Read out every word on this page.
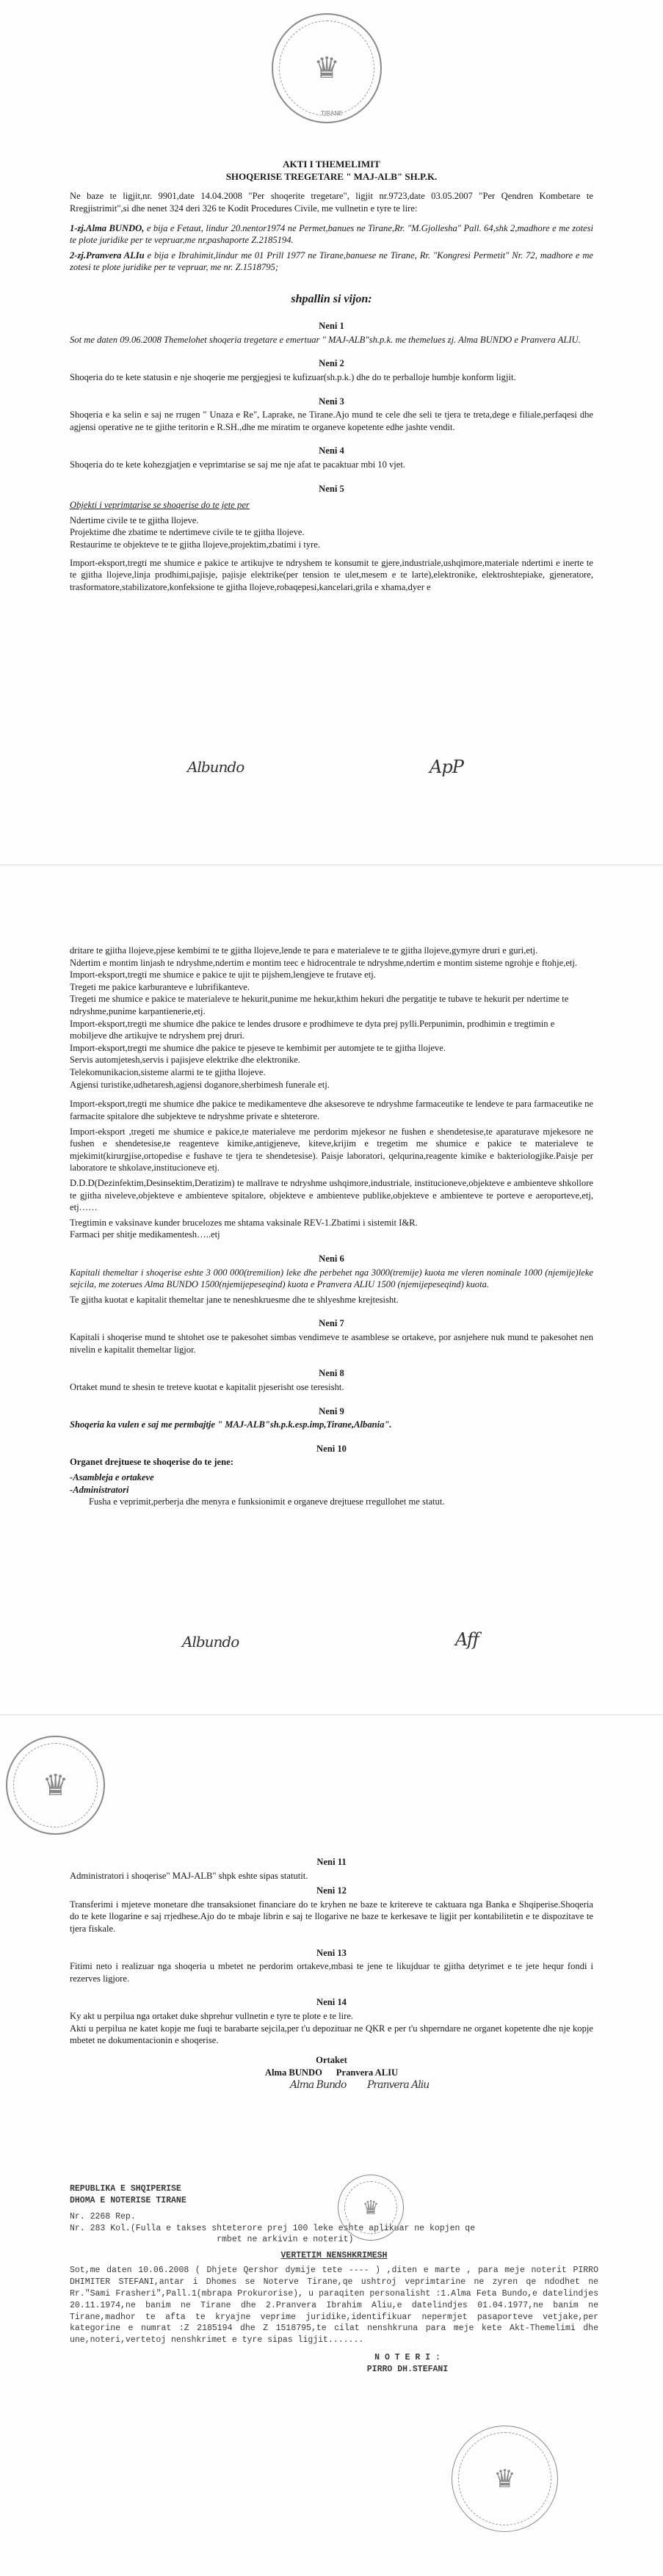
♛
TIRANE
AKTI I THEMELIMIT
SHOQERISE TREGETARE " MAJ-ALB" SH.P.K.

Ne baze te ligjit,nr. 9901,date 14.04.2008 "Per shoqerite tregetare", ligjit nr.9723,date 03.05.2007 "Per Qendren Kombetare te Rregjistrimit",si dhe nenet 324 deri 326 te Kodit Procedures Civile, me vullnetin e tyre te lire:

1-zj.Alma BUNDO, e bija e Fetaut, lindur 20.nentor1974 ne Permet,banues ne Tirane,Rr. "M.Gjollesha" Pall. 64,shk 2,madhore e me zotesi te plote juridike per te vepruar,me nr,pashaporte Z.2185194.

2-zj.Pranvera ALIu e bija e Ibrahimit,lindur me 01 Prill 1977 ne Tirane,banuese ne Tirane, Rr. "Kongresi Permetit" Nr. 72, madhore e me zotesi te plote juridike per te vepruar, me nr. Z.1518795;

shpallin si vijon:
Neni 1

Sot me daten 09.06.2008 Themelohet shoqeria tregetare e emertuar " MAJ-ALB"sh.p.k. me themelues zj. Alma BUNDO e Pranvera ALIU.

Neni 2

Shoqeria do te kete statusin e nje shoqerie me pergjegjesi te kufizuar(sh.p.k.) dhe do te perballoje humbje konform ligjit.

Neni 3

Shoqeria e ka selin e saj ne rrugen " Unaza e Re", Laprake, ne Tirane.Ajo mund te cele dhe seli te tjera te treta,dege e filiale,perfaqesi dhe agjensi operative ne te gjithe teritorin e R.SH.,dhe me miratim te organeve kopetente edhe jashte vendit.

Neni 4

Shoqeria do te kete kohezgjatjen e veprimtarise se saj me nje afat te pacaktuar mbi 10 vjet.

Neni 5

Objekti i veprimtarise se shoqerise do te jete per

Ndertime civile te te gjitha llojeve.

Projektime dhe zbatime te ndertimeve civile te te gjitha llojeve.

Restaurime te objekteve te te gjitha llojeve,projektim,zbatimi i tyre.

Import-eksport,tregti me shumice e pakice te artikujve te ndryshem te konsumit te gjere,industriale,ushqimore,materiale ndertimi e inerte te te gjitha llojeve,linja prodhimi,pajisje, pajisje elektrike(per tension te ulet,mesem e te larte),elektronike, elektroshtepiake, gjeneratore, trasformatore,stabilizatore,konfeksione te gjitha llojeve,robaqepesi,kancelari,grila e xhama,dyer e

Albundo	ApP

dritare te gjitha llojeve,pjese kembimi te te gjitha llojeve,lende te para e materialeve te te gjitha llojeve,gymyre druri e guri,etj.

Ndertim e montim linjash te ndryshme,ndertim e montim teec e hidrocentrale te ndryshme,ndertim e montim sisteme ngrohje e ftohje,etj.

Import-eksport,tregti me shumice e pakice te ujit te pijshem,lengjeve te frutave etj.

Tregeti me pakice karburanteve e lubrifikanteve.

Tregeti me shumice e pakice te materialeve te hekurit,punime me hekur,kthim hekuri dhe pergatitje te tubave te hekurit per ndertime te ndryshme,punime karpantienerie,etj.

Import-eksport,tregti me shumice dhe pakice te lendes drusore e prodhimeve te dyta prej pylli.Perpunimin, prodhimin e tregtimin e mobiljeve dhe artikujve te ndryshem prej druri.

Import-eksport,tregti me shumice dhe pakice te pjeseve te kembimit per automjete te te gjitha llojeve.

Servis automjetesh,servis i pajisjeve elektrike dhe elektronike.

Telekomunikacion,sisteme alarmi te te gjitha llojeve.

Agjensi turistike,udhetaresh,agjensi doganore,sherbimesh funerale etj.

Import-eksport,tregti me shumice dhe pakice te medikamenteve dhe aksesoreve te ndryshme farmaceutike te lendeve te para farmaceutike ne farmacite spitalore dhe subjekteve te ndryshme private e shteterore.

Import-eksport ,tregeti me shumice e pakice,te materialeve me perdorim mjekesor ne fushen e shendetesise,te aparaturave mjekesore ne fushen e shendetesise,te reagenteve kimike,antigjeneve, kiteve,krijim e tregetim me shumice e pakice te materialeve te mjekimit(kirurgjise,ortopedise e fushave te tjera te shendetesise). Paisje laboratori, qelqurina,reagente kimike e bakteriologjike.Paisje per laboratore te shkolave,institucioneve etj.

D.D.D(Dezinfektim,Desinsektim,Deratizim) te mallrave te ndryshme ushqimore,industriale, institucioneve,objekteve e ambienteve shkollore te gjitha niveleve,objekteve e ambienteve spitalore, objekteve e ambienteve publike,objekteve e ambienteve te porteve e aeroporteve,etj, etj……

Tregtimin e vaksinave kunder brucelozes me shtama vaksinale REV-1.Zbatimi i sistemit I&R.

Farmaci per shitje medikamentesh…..etj

Neni 6

Kapitali themeltar i shoqerise eshte 3 000 000(tremilion) leke dhe perbehet nga 3000(tremije) kuota me vleren nominale 1000 (njemije)leke sejcila, me zoterues Alma BUNDO 1500(njemijepeseqind) kuota e Pranvera ALIU 1500 (njemijepeseqind) kuota.

Te gjitha kuotat e kapitalit themeltar jane te neneshkruesme dhe te shlyeshme krejtesisht.

Neni 7

Kapitali i shoqerise mund te shtohet ose te pakesohet simbas vendimeve te asamblese se ortakeve, por asnjehere nuk mund te pakesohet nen nivelin e kapitalit themeltar ligjor.

Neni 8

Ortaket mund te shesin te treteve kuotat e kapitalit pjeserisht ose teresisht.

Neni 9

Shoqeria ka vulen e saj me permbajtje " MAJ-ALB"sh.p.k.esp.imp,Tirane,Albania".

Neni 10

Organet drejtuese te shoqerise do te jene:

-Asambleja e ortakeve

-Administratori

Fusha e veprimit,perberja dhe menyra e funksionimit e organeve drejtuese rregullohet me statut.

Albundo	Aff
♛
Neni 11

Administratori i shoqerise" MAJ-ALB" shpk eshte sipas statutit.

Neni 12

Transferimi i mjeteve monetare dhe transaksionet financiare do te kryhen ne baze te kritereve te caktuara nga Banka e Shqiperise.Shoqeria do te kete llogarine e saj rrjedhese.Ajo do te mbaje librin e saj te llogarive ne baze te kerkesave te ligjit per kontabilitetin e te dispozitave te tjera fiskale.

Neni 13

Fitimi neto i realizuar nga shoqeria u mbetet ne perdorim ortakeve,mbasi te jene te likujduar te gjitha detyrimet e te jete hequr fondi i rezerves ligjore.

Neni 14

Ky akt u perpilua nga ortaket duke shprehur vullnetin e tyre te plote e te lire.

Akti u perpilua ne katet kopje me fuqi te barabarte sejcila,per t'u depozituar ne QKR e per t'u shperndare ne organet kopetente dhe nje kopje mbetet ne dokumentacionin e shoqerise.

Ortaket
Alma BUNDO      Pranvera ALIU
Alma Bundo Pranvera Aliu
♛
REPUBLIKA E SHQIPERISE
DHOMA E NOTERISE TIRANE
Nr. 2268 Rep.
Nr. 283 Kol.(Fulla e takses shteterore prej 100 leke eshte aplikuar ne kopjen qe
rmbet ne arkivin e noterit)
VERTETIM NENSHKRIMESH
Sot,me daten 10.06.2008 ( Dhjete Qershor dymije tete ---- ) ,diten e marte , para meje noterit PIRRO DHIMITER STEFANI,antar i Dhomes se Noterve Tirane,qe ushtroj veprimtarine ne zyren qe ndodhet ne Rr."Sami Frasheri",Pall.1(mbrapa Prokurorise), u paraqiten personalisht :1.Alma Feta Bundo,e datelindjes 20.11.1974,ne banim ne Tirane dhe 2.Pranvera Ibrahim Aliu,e datelindjes 01.04.1977,ne banim ne Tirane,madhor te afta te kryajne veprime juridike,identifikuar nepermjet pasaporteve vetjake,per kategorine e numrat :Z 2185194 dhe Z 1518795,te cilat nenshkruna para meje kete Akt-Themelimi dhe une,noteri,vertetoj nenshkrimet e tyre sipas ligjit.......
N O T E R I :
PIRRO DH.STEFANI
♛
